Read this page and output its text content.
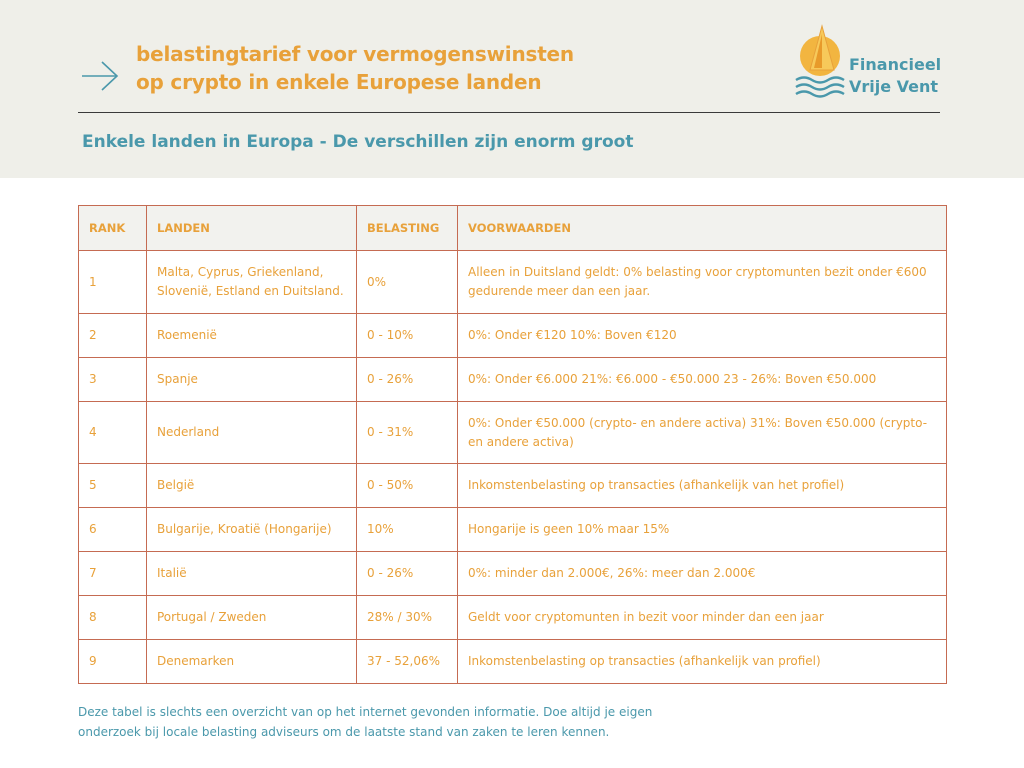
belastingtarief voor vermogenswinsten
op crypto in enkele Europese landen
Financieel
Vrije Vent
Enkele landen in Europa - De verschillen zijn enorm groot
RANK	LANDEN	BELASTING	VOORWAARDEN
1	Malta, Cyprus, Griekenland, Slovenië, Estland en Duitsland.	0%	Alleen in Duitsland geldt: 0% belasting voor cryptomunten bezit onder €600 gedurende meer dan een jaar.
2	Roemenië	0 - 10%	0%: Onder €120 10%: Boven €120
3	Spanje	0 - 26%	0%: Onder €6.000 21%: €6.000 - €50.000 23 - 26%: Boven €50.000
4	Nederland	0 - 31%	0%: Onder €50.000 (crypto- en andere activa) 31%: Boven €50.000 (crypto- en andere activa)
5	België	0 - 50%	Inkomstenbelasting op transacties (afhankelijk van het profiel)
6	Bulgarije, Kroatië (Hongarije)	10%	Hongarije is geen 10% maar 15%
7	Italië	0 - 26%	0%: minder dan 2.000€, 26%: meer dan 2.000€
8	Portugal / Zweden	28% / 30%	Geldt voor cryptomunten in bezit voor minder dan een jaar
9	Denemarken	37 - 52,06%	Inkomstenbelasting op transacties (afhankelijk van profiel)
Deze tabel is slechts een overzicht van op het internet gevonden informatie. Doe altijd je eigen
onderzoek bij locale belasting adviseurs om de laatste stand van zaken te leren kennen.
